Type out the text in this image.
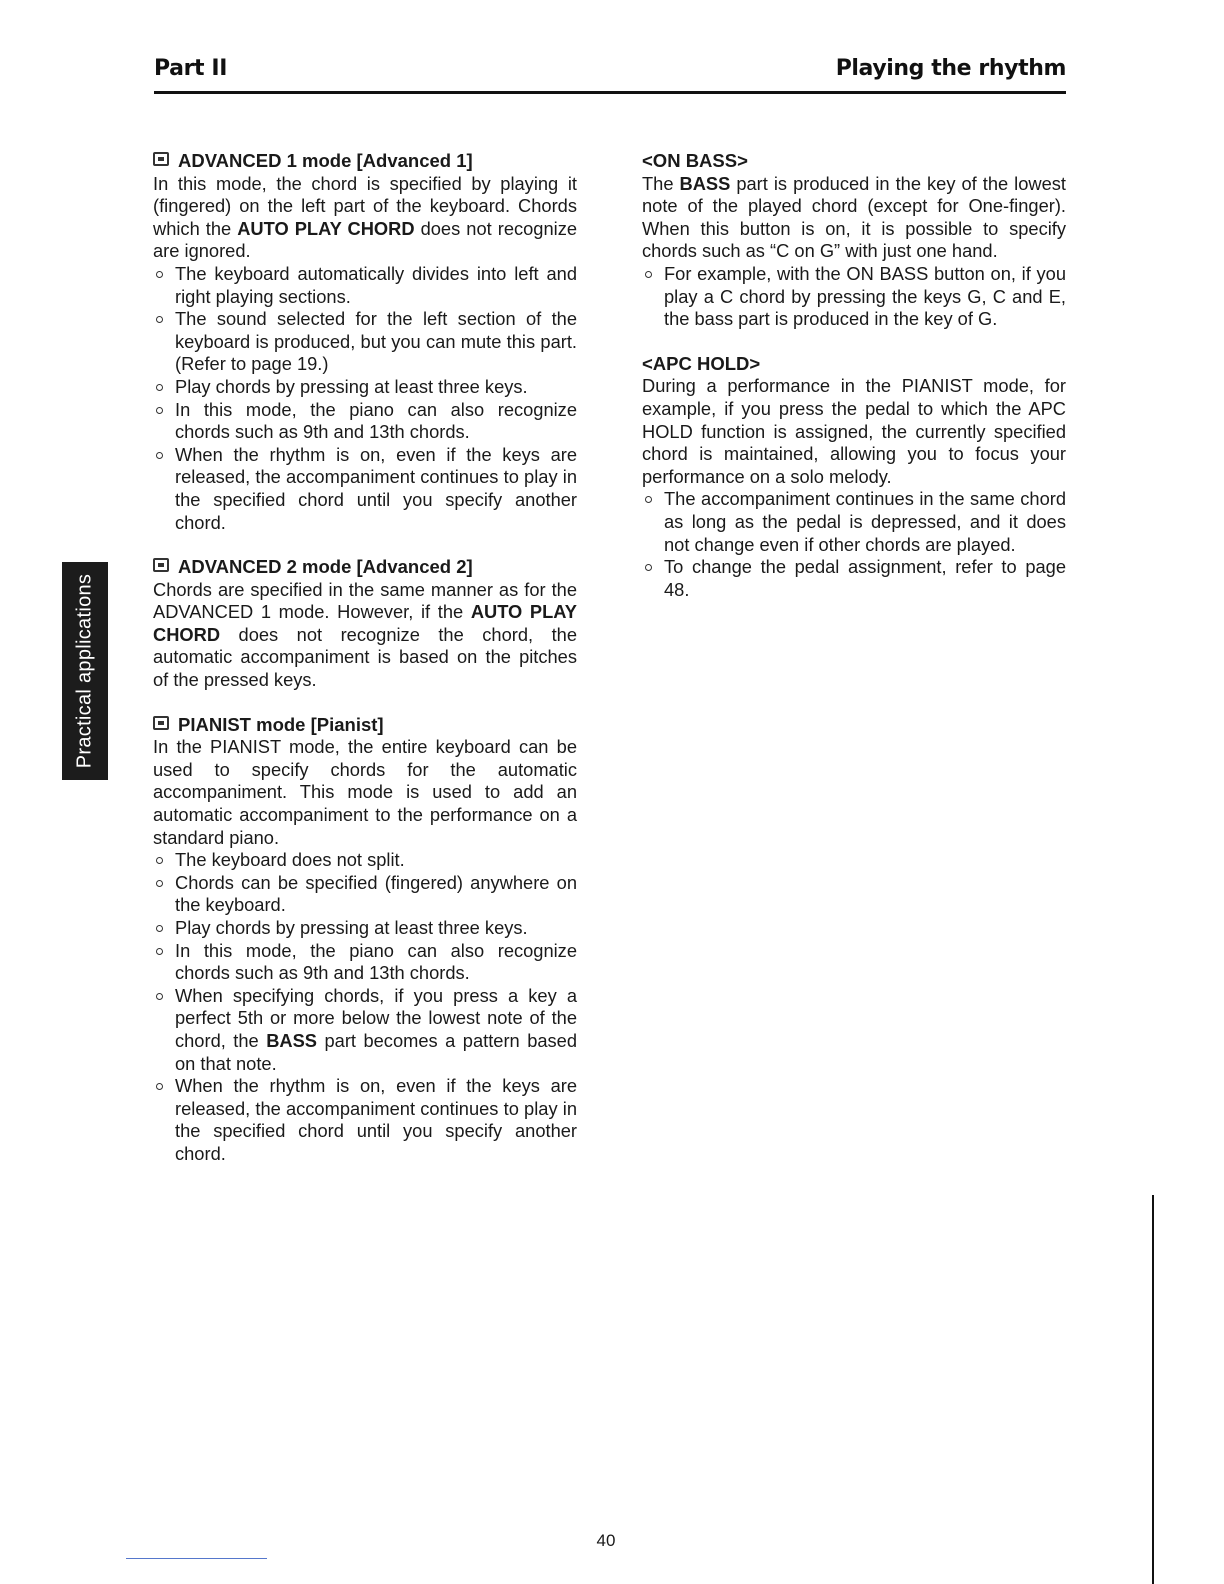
Part II	Playing the rhythm
Practical applications
ADVANCED 1 mode [Advanced 1]

In this mode, the chord is specified by playing it (fingered) on the left part of the keyboard. Chords which the AUTO PLAY CHORD does not recognize are ignored.

The keyboard automatically divides into left and right playing sections.
The sound selected for the left section of the keyboard is produced, but you can mute this part. (Refer to page 19.)
Play chords by pressing at least three keys.
In this mode, the piano can also recognize chords such as 9th and 13th chords.
When the rhythm is on, even if the keys are released, the accompaniment continues to play in the specified chord until you specify another chord.
ADVANCED 2 mode [Advanced 2]

Chords are specified in the same manner as for the ADVANCED 1 mode. However, if the AUTO PLAY CHORD does not recognize the chord, the automatic accompaniment is based on the pitches of the pressed keys.

PIANIST mode [Pianist]

In the PIANIST mode, the entire keyboard can be used to specify chords for the automatic accompaniment. This mode is used to add an automatic accompaniment to the performance on a standard piano.

The keyboard does not split.
Chords can be specified (fingered) anywhere on the keyboard.
Play chords by pressing at least three keys.
In this mode, the piano can also recognize chords such as 9th and 13th chords.
When specifying chords, if you press a key a perfect 5th or more below the lowest note of the chord, the BASS part becomes a pattern based on that note.
When the rhythm is on, even if the keys are released, the accompaniment continues to play in the specified chord until you specify another chord.
<ON BASS>

The BASS part is produced in the key of the lowest note of the played chord (except for One-finger). When this button is on, it is possible to specify chords such as “C on G” with just one hand.

For example, with the ON BASS button on, if you play a C chord by pressing the keys G, C and E, the bass part is produced in the key of G.
<APC HOLD>

During a performance in the PIANIST mode, for example, if you press the pedal to which the APC HOLD function is assigned, the currently specified chord is maintained, allowing you to focus your performance on a solo melody.

The accompaniment continues in the same chord as long as the pedal is depressed, and it does not change even if other chords are played.
To change the pedal assignment, refer to page 48.
40
